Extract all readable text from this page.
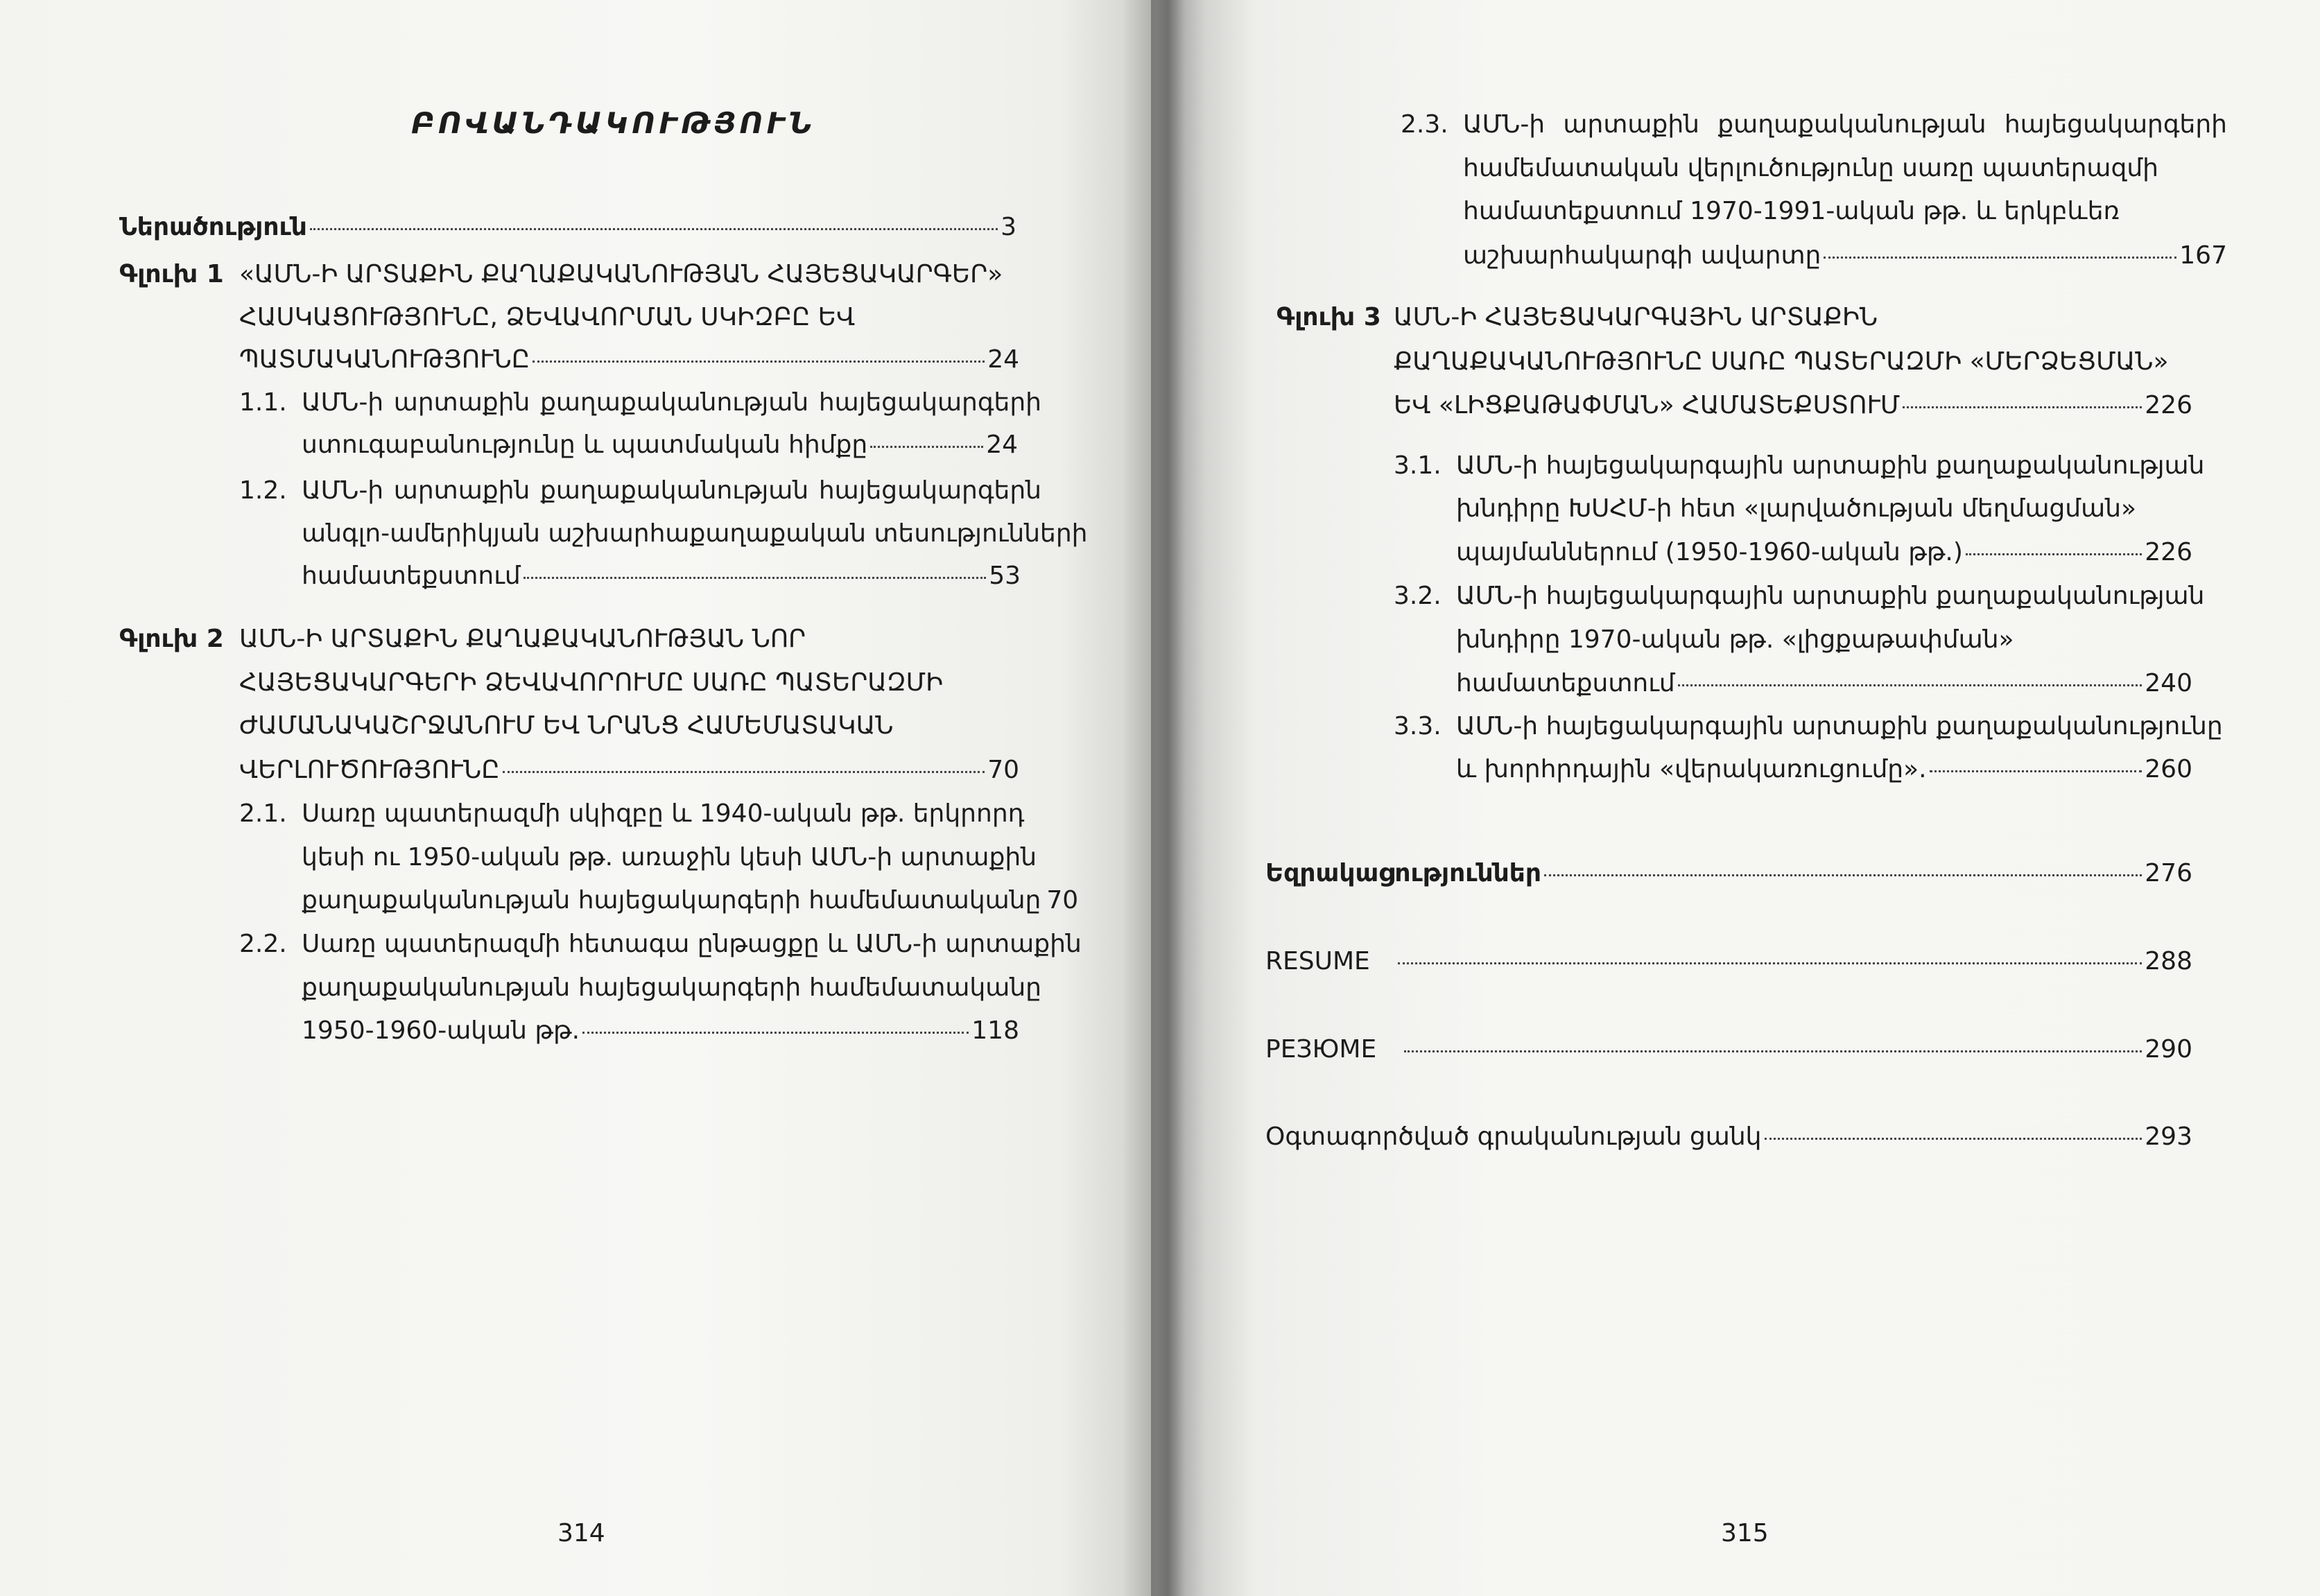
ԲՈՎԱՆԴԱԿՈՒԹՅՈՒՆ
Ներածություն	3
Գլուխ 1 «ԱՄՆ-Ի ԱՐՏԱՔԻՆ ՔԱՂԱՔԱԿԱՆՈՒԹՅԱՆ ՀԱՅԵՑԱԿԱՐԳԵՐ»
ՀԱՍԿԱՑՈՒԹՅՈՒՆԸ, ՁԵՎԱՎՈՐՄԱՆ ՍԿԻԶԲԸ ԵՎ
ՊԱՏՄԱԿԱՆՈՒԹՅՈՒՆԸ	24
1.1. ԱՄՆ-ի արտաքին քաղաքականության հայեցակարգերի
ստուգաբանությունը և պատմական հիմքը	24
1.2. ԱՄՆ-ի արտաքին քաղաքականության հայեցակարգերն
անգլո-ամերիկյան աշխարհաքաղաքական տեսությունների
համատեքստում	53
Գլուխ 2 ԱՄՆ-Ի ԱՐՏԱՔԻՆ ՔԱՂԱՔԱԿԱՆՈՒԹՅԱՆ ՆՈՐ
ՀԱՅԵՑԱԿԱՐԳԵՐԻ ՁԵՎԱՎՈՐՈՒՄԸ ՍԱՌԸ ՊԱՏԵՐԱԶՄԻ
ԺԱՄԱՆԱԿԱՇՐՋԱՆՈՒՄ ԵՎ ՆՐԱՆՑ ՀԱՄԵՄԱՏԱԿԱՆ
ՎԵՐԼՈՒԾՈՒԹՅՈՒՆԸ	70
2.1. Սառը պատերազմի սկիզբը և 1940-ական թթ. երկրորդ
կեսի ու 1950-ական թթ. առաջին կեսի ԱՄՆ-ի արտաքին
քաղաքականության հայեցակարգերի համեմատականը 70
2.2. Սառը պատերազմի հետագա ընթացքը և ԱՄՆ-ի արտաքին
քաղաքականության հայեցակարգերի համեմատականը
1950-1960-ական թթ.	118
314
2.3. ԱՄՆ-ի արտաքին քաղաքականության հայեցակարգերի
համեմատական վերլուծությունը սառը պատերազմի
համատեքստում 1970-1991-ական թթ. և երկբևեռ
աշխարհակարգի ավարտը	167
Գլուխ 3 ԱՄՆ-Ի ՀԱՅԵՑԱԿԱՐԳԱՅԻՆ ԱՐՏԱՔԻՆ
ՔԱՂԱՔԱԿԱՆՈՒԹՅՈՒՆԸ ՍԱՌԸ ՊԱՏԵՐԱԶՄԻ «ՄԵՐՁԵՑՄԱՆ»
ԵՎ «ԼԻՑՔԱԹԱՓՄԱՆ» ՀԱՄԱՏԵՔՍՏՈՒՄ	226
3.1. ԱՄՆ-ի հայեցակարգային արտաքին քաղաքականության
խնդիրը ԽՍՀՄ-ի հետ «լարվածության մեղմացման»
պայմաններում (1950-1960-ական թթ.)	226
3.2. ԱՄՆ-ի հայեցակարգային արտաքին քաղաքականության
խնդիրը 1970-ական թթ. «լիցքաթափման»
համատեքստում	240
3.3. ԱՄՆ-ի հայեցակարգային արտաքին քաղաքականությունը
և խորհրդային «վերակառուցումը».	260
Եզրակացություններ	276
RESUME	288
РЕЗЮМЕ	290
Օգտագործված գրականության ցանկ	293
315
